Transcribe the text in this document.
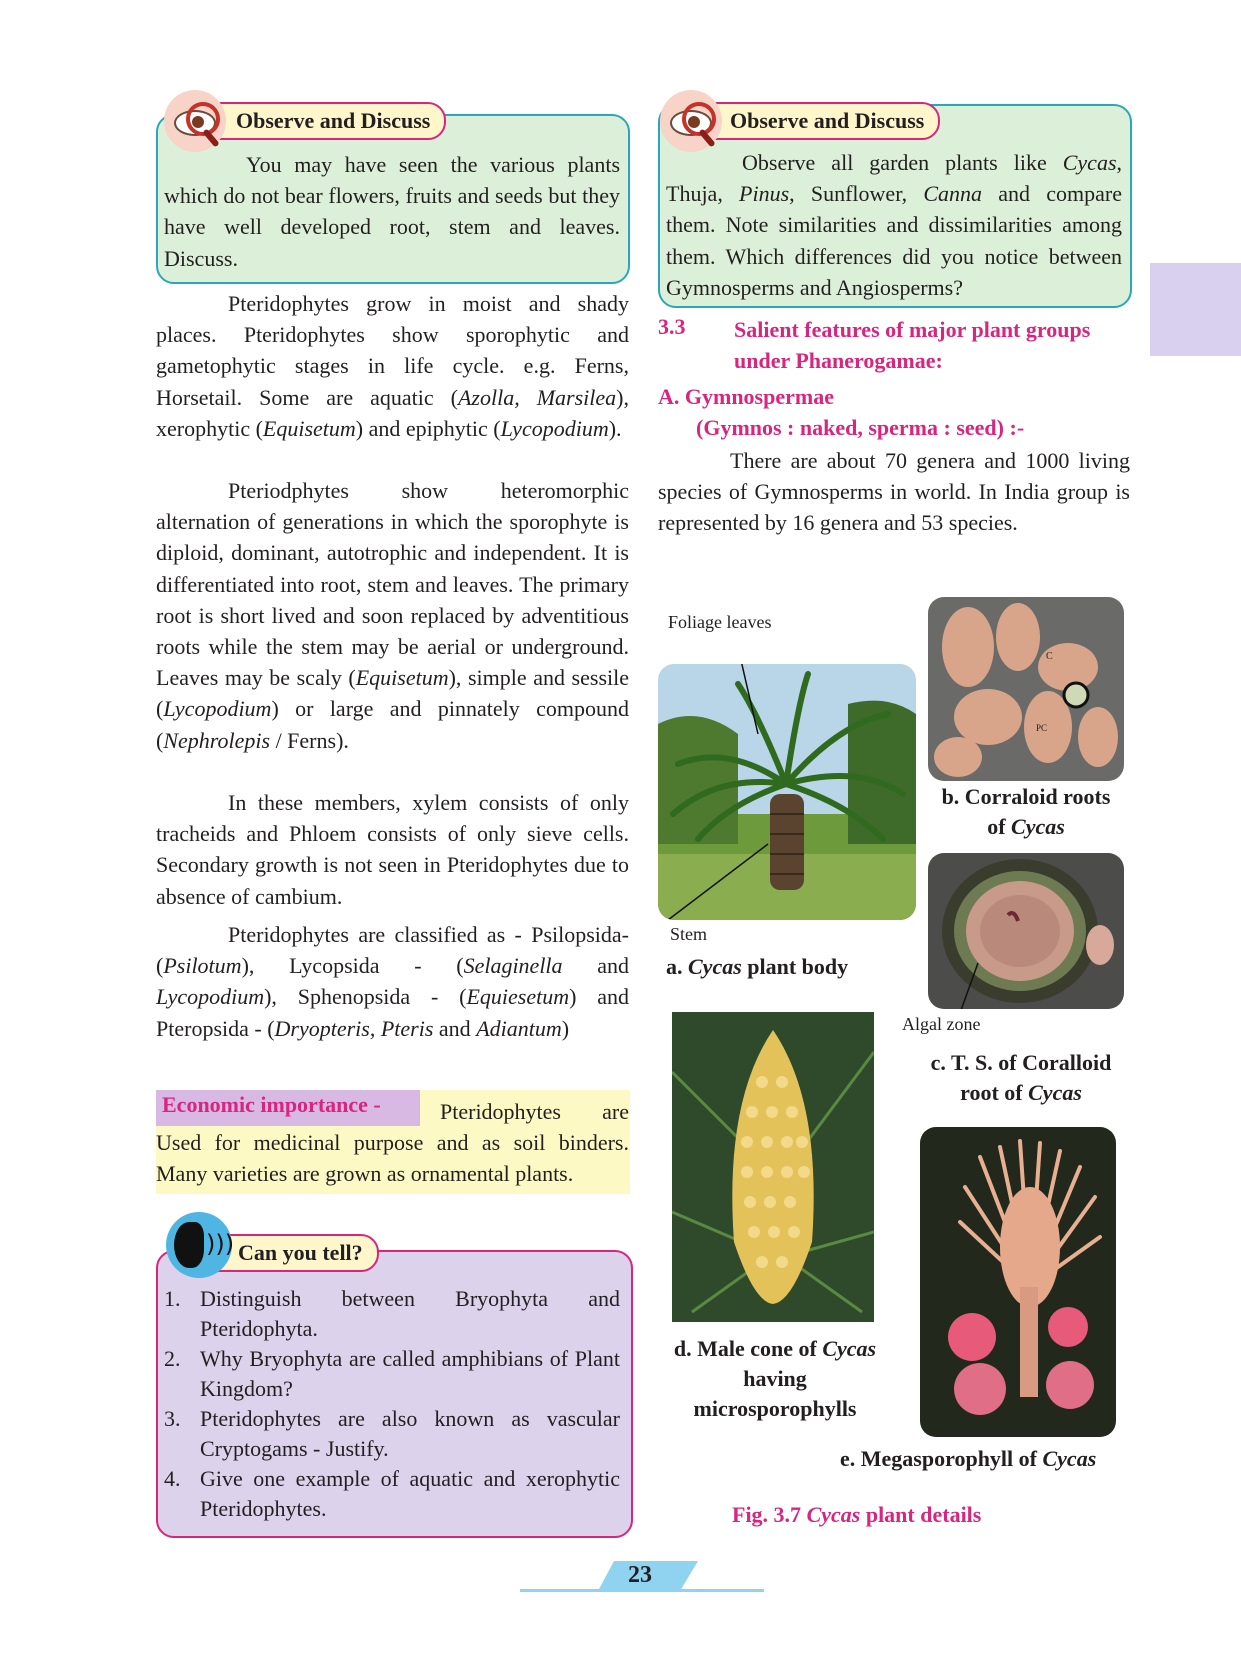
Observe and Discuss

You may have seen the various plants which do not bear flowers, fruits and seeds but they have well developed root, stem and leaves. Discuss.

Pteridophytes grow in moist and shady places. Pteridophytes show sporophytic and gametophytic stages in life cycle. e.g. Ferns, Horsetail. Some are aquatic (Azolla, Marsilea), xerophytic (Equisetum) and epiphytic (Lycopodium).

Pteriodphytes show heteromorphic alternation of generations in which the sporophyte is diploid, dominant, autotrophic and independent. It is differentiated into root, stem and leaves. The primary root is short lived and soon replaced by adventitious roots while the stem may be aerial or underground. Leaves may be scaly (Equisetum), simple and sessile (Lycopodium) or large and pinnately compound (Nephrolepis / Ferns).

In these members, xylem consists of only tracheids and Phloem consists of only sieve cells. Secondary growth is not seen in Pteridophytes due to absence of cambium.

Pteridophytes are classified as - Psilopsida- (Psilotum), Lycopsida - (Selaginella and Lycopodium), Sphenopsida - (Equiesetum) and Pteropsida - (Dryopteris, Pteris and Adiantum)

Economic importance -	Pteridophytes are Used for medicinal purpose and as soil binders. Many varieties are grown as ornamental plants.

Can you tell?
)))
1. Distinguish between Bryophyta and Pteridophyta.
2. Why Bryophyta are called amphibians of Plant Kingdom?
3. Pteridophytes are also known as vascular Cryptogams - Justify.
4. Give one example of aquatic and xerophytic Pteridophytes.
Observe and Discuss

Observe all garden plants like Cycas, Thuja, Pinus, Sunflower, Canna and compare them. Note similarities and dissimilarities among them. Which differences did you notice between Gymnosperms and Angiosperms?

3.3 Salient features of major plant groups
under Phanerogamae:
A. Gymnospermae
(Gymnos : naked, sperma : seed) :-

There are about 70 genera and 1000 living species of Gymnosperms in world. In India group is represented by 16 genera and 53 species.

Foliage leaves
Stem
Algal zone
C
PC
b. Corraloid roots
of Cycas
c. T. S. of Coralloid
root of Cycas
a. Cycas plant body
d. Male cone of Cycas
having
microsporophylls
e. Megasporophyll of Cycas
Fig. 3.7 Cycas plant details
23
